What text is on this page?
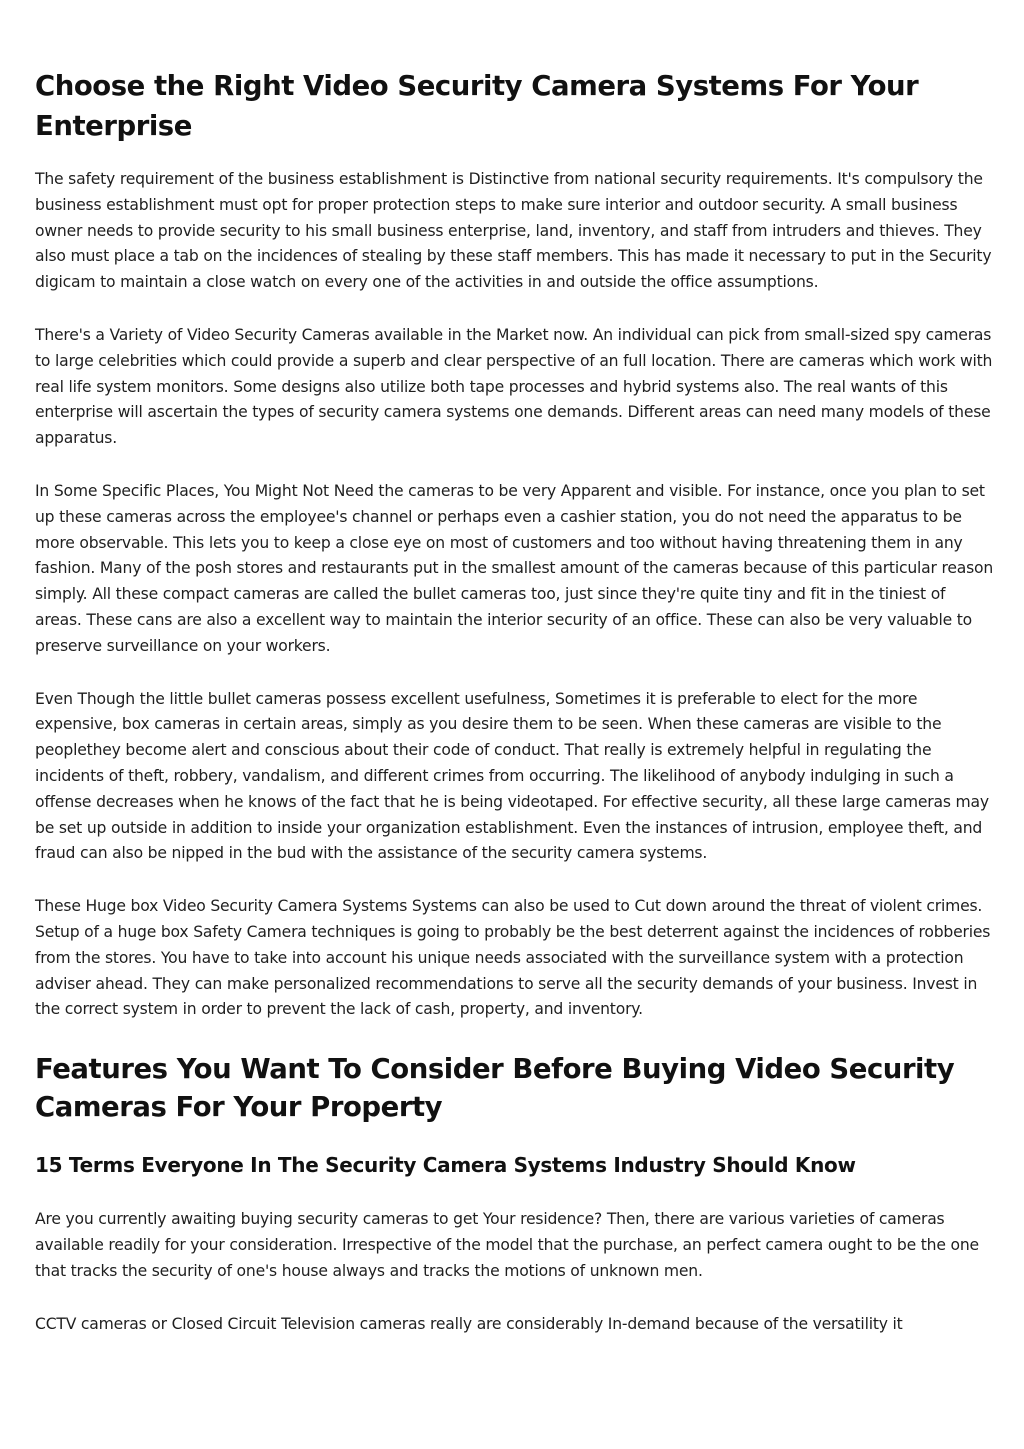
Choose the Right Video Security Camera Systems For Your Enterprise

The safety requirement of the business establishment is Distinctive from national security requirements. It's compulsory the business establishment must opt for proper protection steps to make sure interior and outdoor security. A small business owner needs to provide security to his small business enterprise, land, inventory, and staff from intruders and thieves. They also must place a tab on the incidences of stealing by these staff members. This has made it necessary to put in the Security digicam to maintain a close watch on every one of the activities in and outside the office assumptions.

There's a Variety of Video Security Cameras available in the Market now. An individual can pick from small-sized spy cameras to large celebrities which could provide a superb and clear perspective of an full location. There are cameras which work with real life system monitors. Some designs also utilize both tape processes and hybrid systems also. The real wants of this enterprise will ascertain the types of security camera systems one demands. Different areas can need many models of these apparatus.

In Some Specific Places, You Might Not Need the cameras to be very Apparent and visible. For instance, once you plan to set up these cameras across the employee's channel or perhaps even a cashier station, you do not need the apparatus to be more observable. This lets you to keep a close eye on most of customers and too without having threatening them in any fashion. Many of the posh stores and restaurants put in the smallest amount of the cameras because of this particular reason simply. All these compact cameras are called the bullet cameras too, just since they're quite tiny and fit in the tiniest of areas. These cans are also a excellent way to maintain the interior security of an office. These can also be very valuable to preserve surveillance on your workers.

Even Though the little bullet cameras possess excellent usefulness, Sometimes it is preferable to elect for the more expensive, box cameras in certain areas, simply as you desire them to be seen. When these cameras are visible to the peoplethey become alert and conscious about their code of conduct. That really is extremely helpful in regulating the incidents of theft, robbery, vandalism, and different crimes from occurring. The likelihood of anybody indulging in such a offense decreases when he knows of the fact that he is being videotaped. For effective security, all these large cameras may be set up outside in addition to inside your organization establishment. Even the instances of intrusion, employee theft, and fraud can also be nipped in the bud with the assistance of the security camera systems.

These Huge box Video Security Camera Systems Systems can also be used to Cut down around the threat of violent crimes. Setup of a huge box Safety Camera techniques is going to probably be the best deterrent against the incidences of robberies from the stores. You have to take into account his unique needs associated with the surveillance system with a protection adviser ahead. They can make personalized recommendations to serve all the security demands of your business. Invest in the correct system in order to prevent the lack of cash, property, and inventory.

Features You Want To Consider Before Buying Video Security Cameras For Your Property
15 Terms Everyone In The Security Camera Systems Industry Should Know

Are you currently awaiting buying security cameras to get Your residence? Then, there are various varieties of cameras available readily for your consideration. Irrespective of the model that the purchase, an perfect camera ought to be the one that tracks the security of one's house always and tracks the motions of unknown men.

CCTV cameras or Closed Circuit Television cameras really are considerably In-demand because of the versatility it
